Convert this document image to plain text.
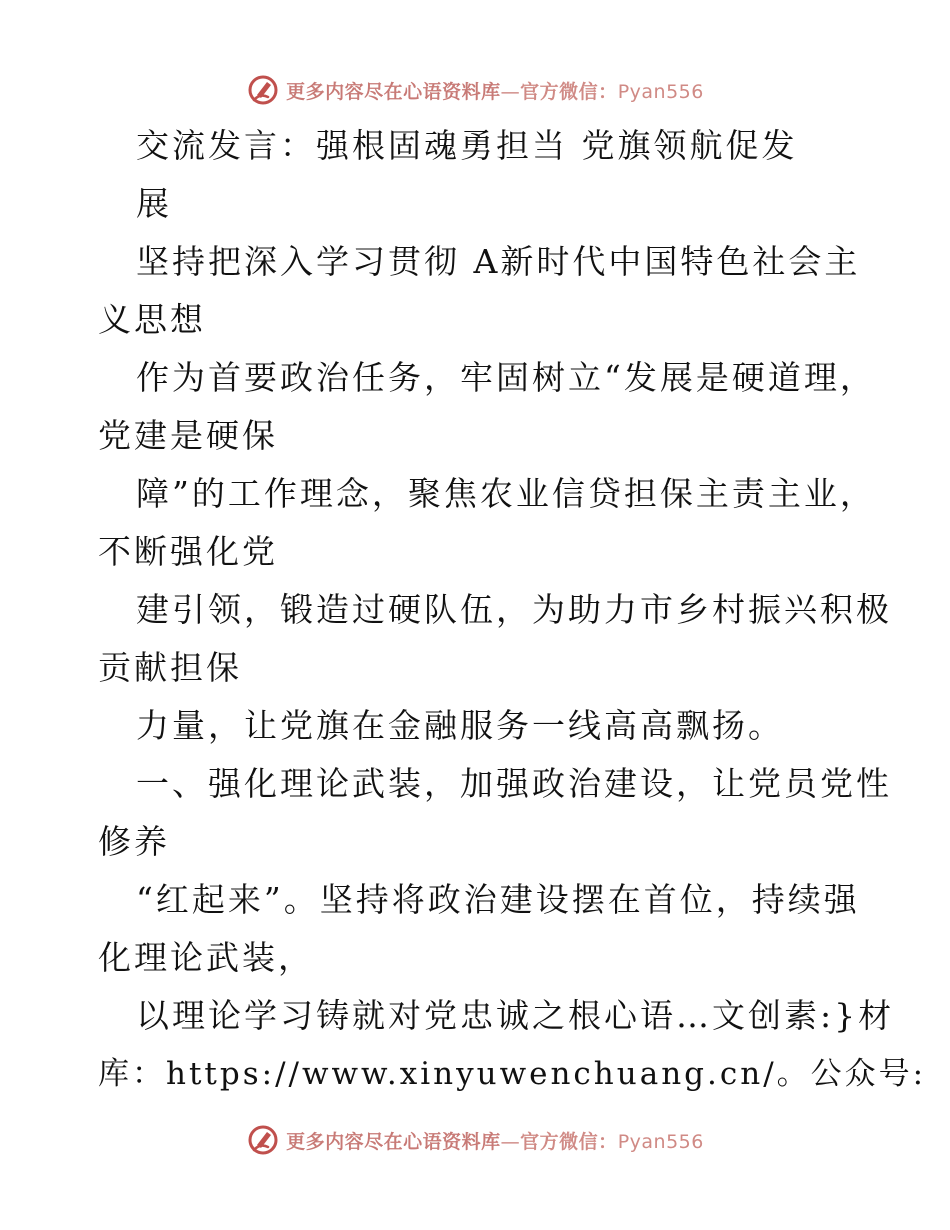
更多内容尽在心语资料库—官方微信：Pyan556
交流发言：强根固魂勇担当 党旗领航促发
展
坚持把深入学习贯彻 A新时代中国特色社会主
义思想
作为首要政治任务，牢固树立“发展是硬道理，
党建是硬保
障”的工作理念，聚焦农业信贷担保主责主业，
不断强化党
建引领，锻造过硬队伍，为助力市乡村振兴积极
贡献担保
力量，让党旗在金融服务一线高高飘扬。
一、强化理论武装，加强政治建设，让党员党性
修养
“红起来”。坚持将政治建设摆在首位，持续强
化理论武装，
以理论学习铸就对党忠诚之根心语…文创素:}材
库：https://www.xinyuwenchuang.cn/。公众号:
更多内容尽在心语资料库—官方微信：Pyan556
